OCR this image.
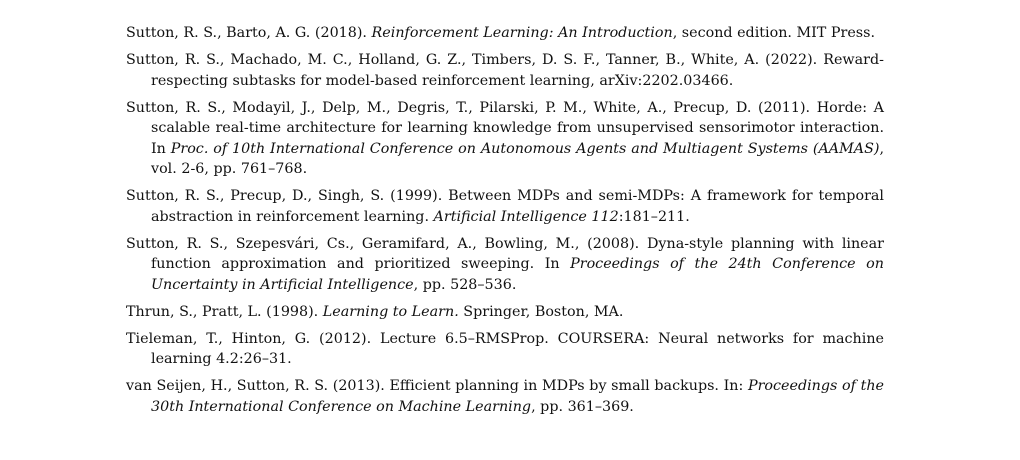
Sutton, R. S., Barto, A. G. (2018). Reinforcement Learning: An Introduction, second edition. MIT Press.

Sutton, R. S., Machado, M. C., Holland, G. Z., Timbers, D. S. F., Tanner, B., White, A. (2022). Reward-respecting subtasks for model-based reinforcement learning, arXiv:2202.03466.

Sutton, R. S., Modayil, J., Delp, M., Degris, T., Pilarski, P. M., White, A., Precup, D. (2011). Horde: A scalable real-time architecture for learning knowledge from unsupervised sensorimotor interaction. In Proc. of 10th International Conference on Autonomous Agents and Multiagent Systems (AAMAS), vol. 2-6, pp. 761–768.

Sutton, R. S., Precup, D., Singh, S. (1999). Between MDPs and semi-MDPs: A framework for temporal abstraction in reinforcement learning. Artificial Intelligence 112:181–211.

Sutton, R. S., Szepesvári, Cs., Geramifard, A., Bowling, M., (2008). Dyna-style planning with linear function approximation and prioritized sweeping. In Proceedings of the 24th Conference on Uncertainty in Artificial Intelligence, pp. 528–536.

Thrun, S., Pratt, L. (1998). Learning to Learn. Springer, Boston, MA.

Tieleman, T., Hinton, G. (2012). Lecture 6.5–RMSProp. COURSERA: Neural networks for machine learning 4.2:26–31.

van Seijen, H., Sutton, R. S. (2013). Efficient planning in MDPs by small backups. In: Proceedings of the 30th International Conference on Machine Learning, pp. 361–369.
